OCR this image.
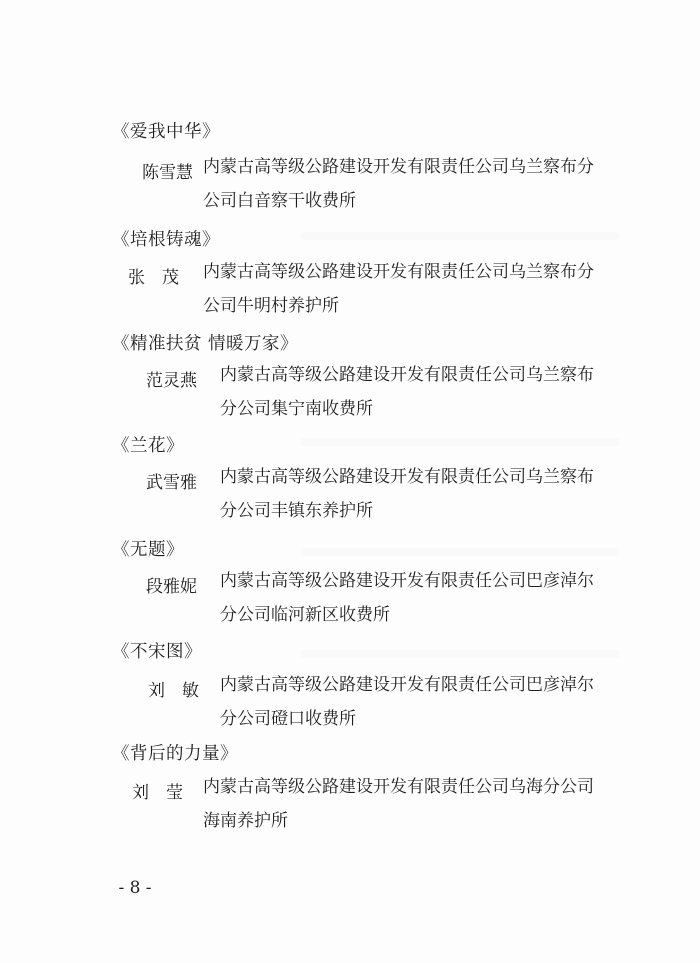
《爱我中华》
陈雪慧 内蒙古高等级公路建设开发有限责任公司乌兰察布分
公司白音察干收费所
《培根铸魂》
张　茂 内蒙古高等级公路建设开发有限责任公司乌兰察布分
公司牛明村养护所
《精准扶贫 情暖万家》
范灵燕 内蒙古高等级公路建设开发有限责任公司乌兰察布
分公司集宁南收费所
《兰花》
武雪雅 内蒙古高等级公路建设开发有限责任公司乌兰察布
分公司丰镇东养护所
《无题》
段雅妮 内蒙古高等级公路建设开发有限责任公司巴彦淖尔
分公司临河新区收费所
《不宋图》
刘　敏 内蒙古高等级公路建设开发有限责任公司巴彦淖尔
分公司磴口收费所
《背后的力量》
刘　莹 内蒙古高等级公路建设开发有限责任公司乌海分公司
海南养护所
- 8 -
